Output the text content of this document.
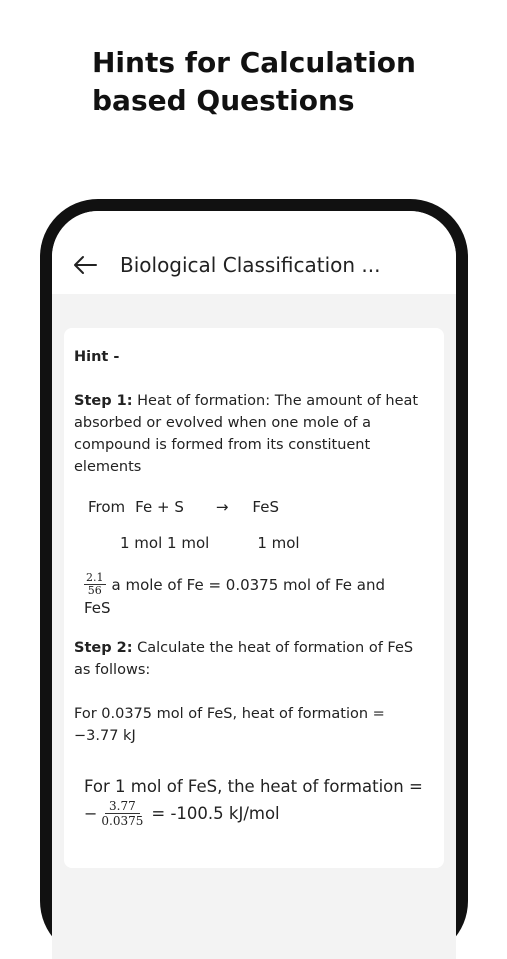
Hints for Calculation
based Questions
Biological Classification ...

Hint -

Step 1: Heat of formation: The amount of heat absorbed or evolved when one mole of a compound is formed from its constituent elements

From Fe + S → FeS
1 mol 1 mol	1 mol
$\frac{2.1}{56}$ a mole of Fe = 0.0375 mol of Fe and
FeS

Step 2: Calculate the heat of formation of FeS as follows:

For 0.0375 mol of FeS, heat of formation = −3.77 kJ

For 1 mol of FeS, the heat of formation =
− $\frac{3.77}{0.0375} = -100.5$ kJ/mol
